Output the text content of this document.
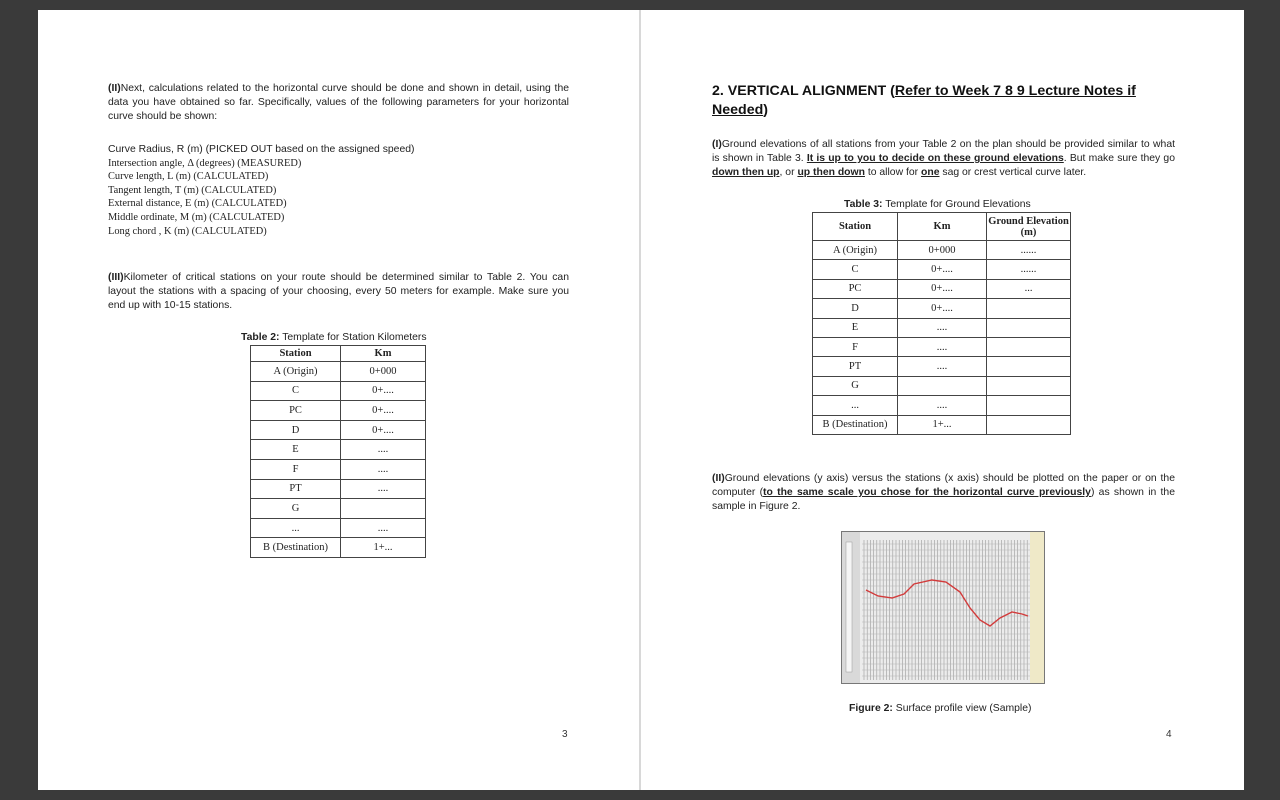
(II)Next, calculations related to the horizontal curve should be done and shown in detail, using the data you have obtained so far. Specifically, values of the following parameters for your horizontal curve should be shown:
Curve Radius, R (m) (PICKED OUT based on the assigned speed)
Intersection angle, Δ (degrees) (MEASURED)
Curve length, L (m) (CALCULATED)
Tangent length, T (m) (CALCULATED)
External distance, E (m) (CALCULATED)
Middle ordinate, M (m) (CALCULATED)
Long chord , K (m) (CALCULATED)
(III)Kilometer of critical stations on your route should be determined similar to Table 2. You can layout the stations with a spacing of your choosing, every 50 meters for example. Make sure you end up with 10-15 stations.
Table 2: Template for Station Kilometers
Station	Km
A (Origin)	0+000
C	0+....
PC	0+....
D	0+....
E	....
F	....
PT	....
G	
...	....
B (Destination)	1+...
3
2. VERTICAL ALIGNMENT (Refer to Week 7 8 9 Lecture Notes if Needed)
(I)Ground elevations of all stations from your Table 2 on the plan should be provided similar to what is shown in Table 3. It is up to you to decide on these ground elevations. But make sure they go down then up, or up then down to allow for one sag or crest vertical curve later.
Table 3: Template for Ground Elevations
Station	Km	Ground Elevation (m)
A (Origin)	0+000	......
C	0+....	......
PC	0+....	...
D	0+....	
E	....	
F	....	
PT	....	
G		
...	....	
B (Destination)	1+...	
(II)Ground elevations (y axis) versus the stations (x axis) should be plotted on the paper or on the computer (to the same scale you chose for the horizontal curve previously) as shown in the sample in Figure 2.
Figure 2: Surface profile view (Sample)
4
